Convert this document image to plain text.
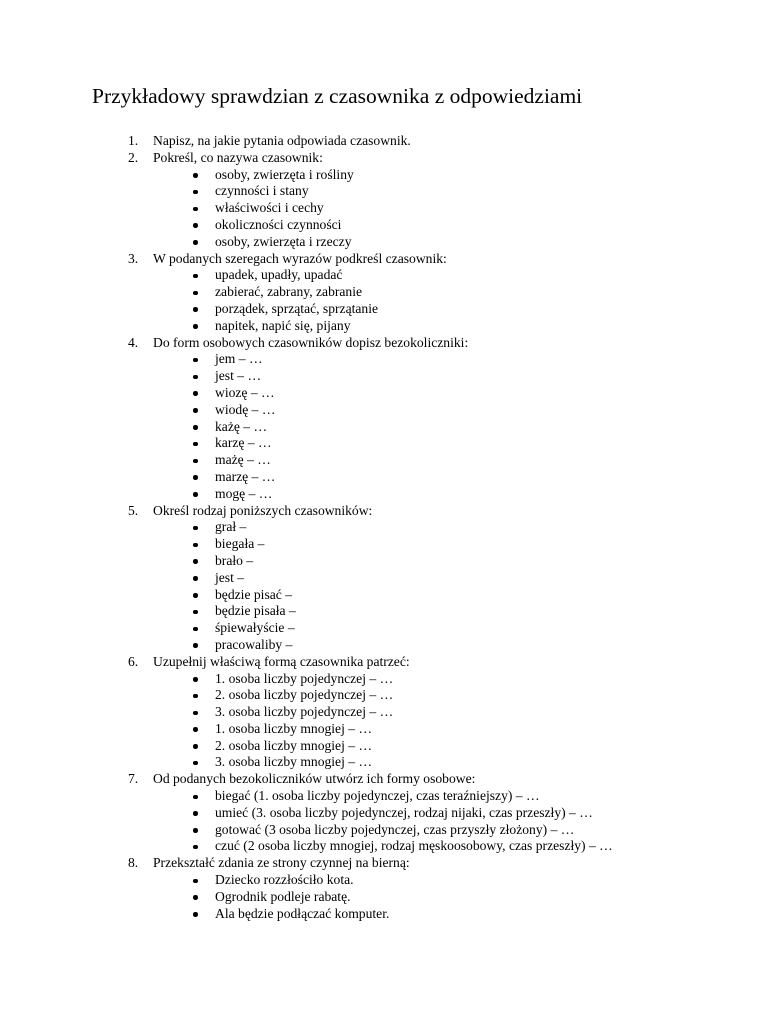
Przykładowy sprawdzian z czasownika z odpowiedziami
1.	Napisz, na jakie pytania odpowiada czasownik.
2.	Pokreśl, co nazywa czasownik:
osoby, zwierzęta i rośliny
czynności i stany
właściwości i cechy
okoliczności czynności
osoby, zwierzęta i rzeczy
3.	W podanych szeregach wyrazów podkreśl czasownik:
upadek, upadły, upadać
zabierać, zabrany, zabranie
porządek, sprzątać, sprzątanie
napitek, napić się, pijany
4.	Do form osobowych czasowników dopisz bezokoliczniki:
jem – …
jest – …
wiozę – …
wiodę – …
każę – …
karzę – …
mażę – …
marzę – …
mogę – …
5.	Określ rodzaj poniższych czasowników:
grał –
biegała –
brało –
jest –
będzie pisać –
będzie pisała –
śpiewałyście –
pracowaliby –
6.	Uzupełnij właściwą formą czasownika patrzeć:
1. osoba liczby pojedynczej – …
2. osoba liczby pojedynczej – …
3. osoba liczby pojedynczej – …
1. osoba liczby mnogiej – …
2. osoba liczby mnogiej – …
3. osoba liczby mnogiej – …
7.	Od podanych bezokoliczników utwórz ich formy osobowe:
biegać (1. osoba liczby pojedynczej, czas teraźniejszy) – …
umieć (3. osoba liczby pojedynczej, rodzaj nijaki, czas przeszły) – …
gotować (3 osoba liczby pojedynczej, czas przyszły złożony) – …
czuć (2 osoba liczby mnogiej, rodzaj męskoosobowy, czas przeszły) – …
8.	Przekształć zdania ze strony czynnej na bierną:
Dziecko rozzłościło kota.
Ogrodnik podleje rabatę.
Ala będzie podłączać komputer.
